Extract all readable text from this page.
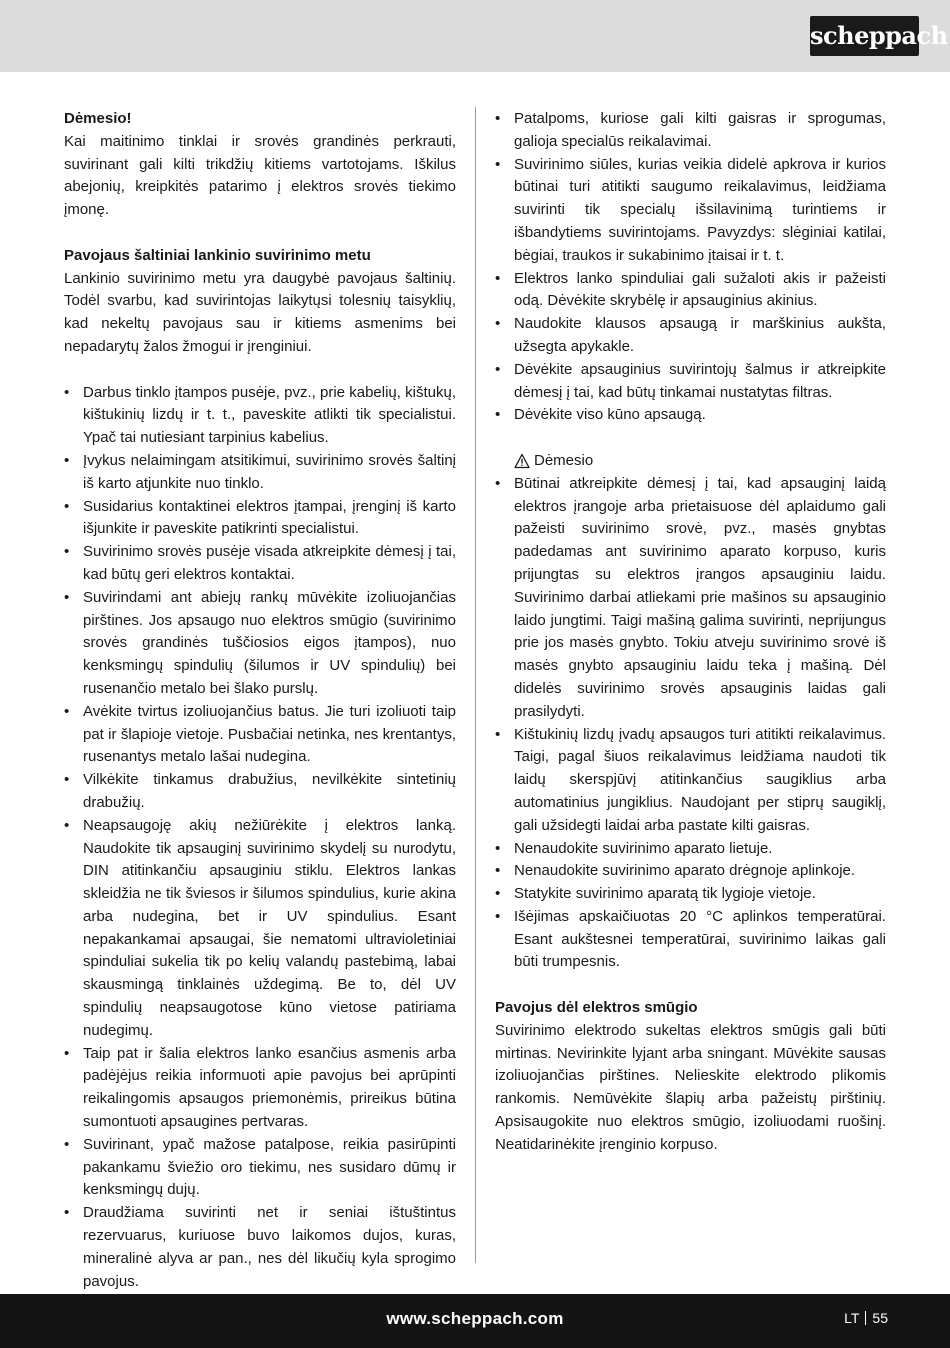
scheppach
Dėmesio!

Kai maitinimo tinklai ir srovės grandinės perkrauti, suvirinant gali kilti trikdžių kitiems vartotojams. Iškilus abejonių, kreipkitės patarimo į elektros srovės tiekimo įmonę.

Pavojaus šaltiniai lankinio suvirinimo metu

Lankinio suvirinimo metu yra daugybė pavojaus šaltinių. Todėl svarbu, kad suvirintojas laikytųsi tolesnių taisyklių, kad nekeltų pavojaus sau ir kitiems asmenims bei nepadarytų žalos žmogui ir įrenginiui.

• Darbus tinklo įtampos pusėje, pvz., prie kabelių, kištukų, kištukinių lizdų ir t. t., paveskite atlikti tik specialistui. Ypač tai nutiesiant tarpinius kabelius.
• Įvykus nelaimingam atsitikimui, suvirinimo srovės šaltinį iš karto atjunkite nuo tinklo.
• Susidarius kontaktinei elektros įtampai, įrenginį iš karto išjunkite ir paveskite patikrinti specialistui.
• Suvirinimo srovės pusėje visada atkreipkite dėmesį į tai, kad būtų geri elektros kontaktai.
• Suvirindami ant abiejų rankų mūvėkite izoliuojančias pirštines. Jos apsaugo nuo elektros smūgio (suvirinimo srovės grandinės tuščiosios eigos įtampos), nuo kenksmingų spindulių (šilumos ir UV spindulių) bei rusenančio metalo bei šlako purslų.
• Avėkite tvirtus izoliuojančius batus. Jie turi izoliuoti taip pat ir šlapioje vietoje. Pusbačiai netinka, nes krentantys, rusenantys metalo lašai nudegina.
• Vilkėkite tinkamus drabužius, nevilkėkite sintetinių drabužių.
• Neapsaugoję akių nežiūrėkite į elektros lanką. Naudokite tik apsauginį suvirinimo skydelį su nurodytu, DIN atitinkančiu apsauginiu stiklu. Elektros lankas skleidžia ne tik šviesos ir šilumos spindulius, kurie akina arba nudegina, bet ir UV spindulius. Esant nepakankamai apsaugai, šie nematomi ultravioletiniai spinduliai sukelia tik po kelių valandų pastebimą, labai skausmingą tinklainės uždegimą. Be to, dėl UV spindulių neapsaugotose kūno vietose patiriama nudegimų.
• Taip pat ir šalia elektros lanko esančius asmenis arba padėjėjus reikia informuoti apie pavojus bei aprūpinti reikalingomis apsaugos priemonėmis, prireikus būtina sumontuoti apsaugines pertvaras.
• Suvirinant, ypač mažose patalpose, reikia pasirūpinti pakankamu šviežio oro tiekimu, nes susidaro dūmų ir kenksmingų dujų.
• Draudžiama suvirinti net ir seniai ištuštintus rezervuarus, kuriuose buvo laikomos dujos, kuras, mineralinė alyva ar pan., nes dėl likučių kyla sprogimo pavojus.
• Patalpoms, kuriose gali kilti gaisras ir sprogumas, galioja specialūs reikalavimai.
• Suvirinimo siūles, kurias veikia didelė apkrova ir kurios būtinai turi atitikti saugumo reikalavimus, leidžiama suvirinti tik specialų išsilavinimą turintiems ir išbandytiems suvirintojams. Pavyzdys: slėginiai katilai, bėgiai, traukos ir sukabinimo įtaisai ir t. t.
• Elektros lanko spinduliai gali sužaloti akis ir pažeisti odą. Dėvėkite skrybėlę ir apsauginius akinius.
• Naudokite klausos apsaugą ir marškinius aukšta, užsegta apykakle.
• Dėvėkite apsauginius suvirintojų šalmus ir atkreipkite dėmesį į tai, kad būtų tinkamai nustatytas filtras.
• Dėvėkite viso kūno apsaugą.
Dėmesio
• Būtinai atkreipkite dėmesį į tai, kad apsauginį laidą elektros įrangoje arba prietaisuose dėl aplaidumo gali pažeisti suvirinimo srovė, pvz., masės gnybtas padedamas ant suvirinimo aparato korpuso, kuris prijungtas su elektros įrangos apsauginiu laidu. Suvirinimo darbai atliekami prie mašinos su apsauginio laido jungtimi. Taigi mašiną galima suvirinti, neprijungus prie jos masės gnybto. Tokiu atveju suvirinimo srovė iš masės gnybto apsauginiu laidu teka į mašiną. Dėl didelės suvirinimo srovės apsauginis laidas gali prasilydyti.
• Kištukinių lizdų įvadų apsaugos turi atitikti reikalavimus. Taigi, pagal šiuos reikalavimus leidžiama naudoti tik laidų skerspjūvį atitinkančius saugiklius arba automatinius jungiklius. Naudojant per stiprų saugiklį, gali užsidegti laidai arba pastate kilti gaisras.
• Nenaudokite suvirinimo aparato lietuje.
• Nenaudokite suvirinimo aparato drėgnoje aplinkoje.
• Statykite suvirinimo aparatą tik lygioje vietoje.
• Išėjimas apskaičiuotas 20 °C aplinkos temperatūrai. Esant aukštesnei temperatūrai, suvirinimo laikas gali būti trumpesnis.
Pavojus dėl elektros smūgio

Suvirinimo elektrodo sukeltas elektros smūgis gali būti mirtinas. Nevirinkite lyjant arba sningant. Mūvėkite sausas izoliuojančias pirštines. Nelieskite elektrodo plikomis rankomis. Nemūvėkite šlapių arba pažeistų pirštinių. Apsisaugokite nuo elektros smūgio, izoliuodami ruošinį. Neatidarinėkite įrenginio korpuso.

www.scheppach.com	LT 55
